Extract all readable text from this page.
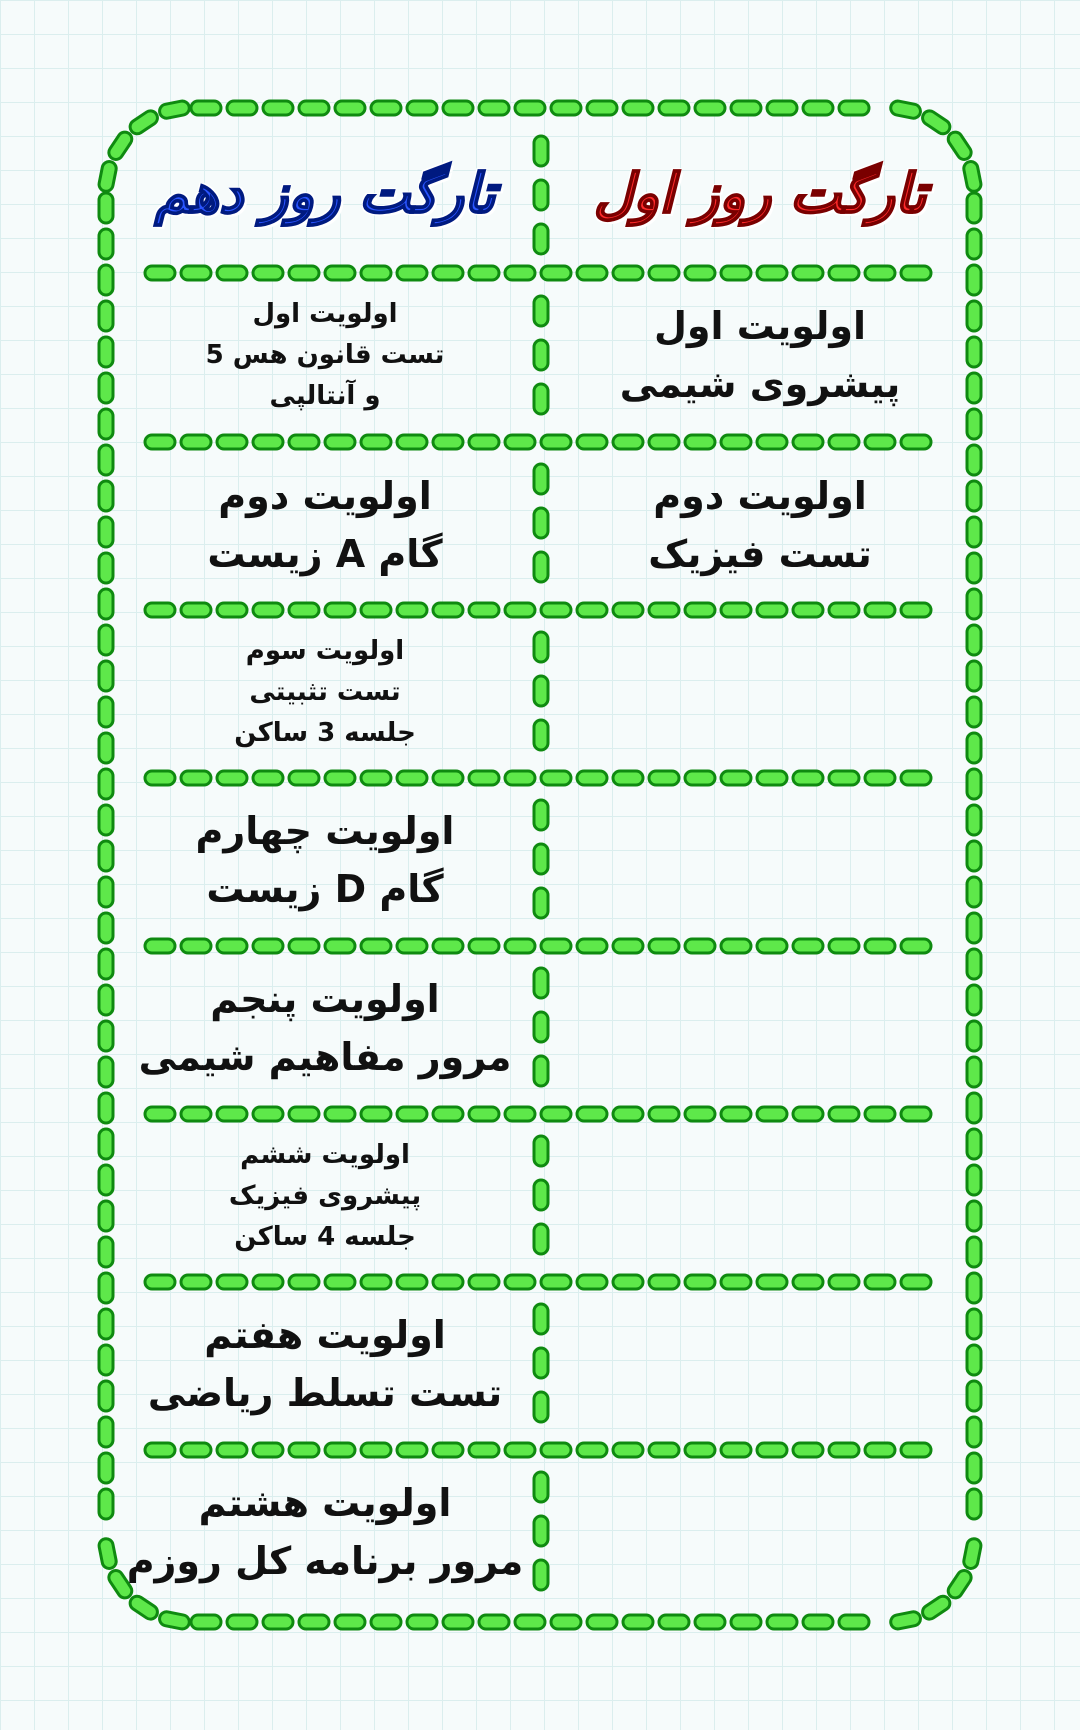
تارگت روز اول
تارگت روز دهم
اولویت اول
پیشروی شیمی
اولویت دوم
تست فیزیک
اولویت اول
تست قانون هس 5
و آنتالپی
اولویت دوم
گام A زیست
اولویت سوم
تست تثبیتی
جلسه 3 ساکن
اولویت چهارم
گام D زیست
اولویت پنجم
مرور مفاهیم شیمی
اولویت ششم
پیشروی فیزیک
جلسه 4 ساکن
اولویت هفتم
تست تسلط ریاضی
اولویت هشتم
مرور برنامه کل روزم
